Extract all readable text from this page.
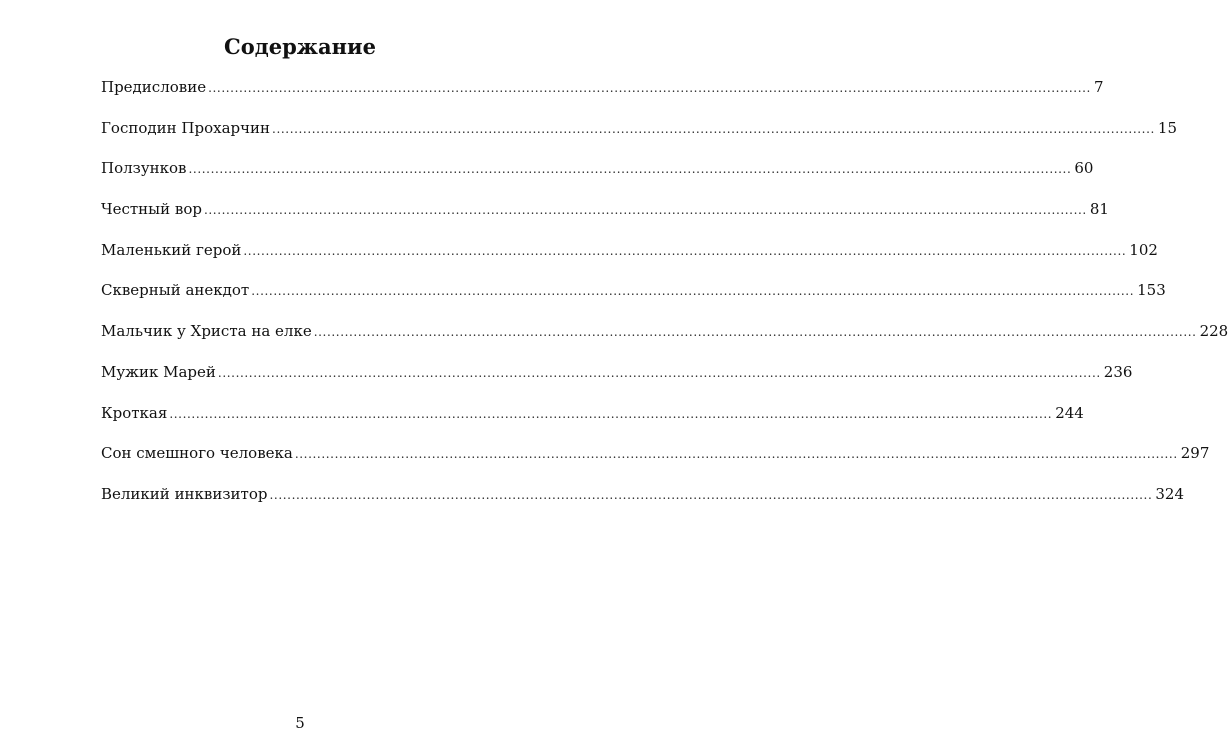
Содержание
Предисловие ........................................................................................................................................................................................................ 7
Господин Прохарчин ........................................................................................................................................................................................................ 15
Ползунков ........................................................................................................................................................................................................ 60
Честный вор ........................................................................................................................................................................................................ 81
Маленький герой ........................................................................................................................................................................................................ 102
Скверный анекдот ........................................................................................................................................................................................................ 153
Мальчик у Христа на елке ........................................................................................................................................................................................................ 228
Мужик Марей ........................................................................................................................................................................................................ 236
Кроткая ........................................................................................................................................................................................................ 244
Сон смешного человека ........................................................................................................................................................................................................ 297
Великий инквизитор ........................................................................................................................................................................................................ 324
5
